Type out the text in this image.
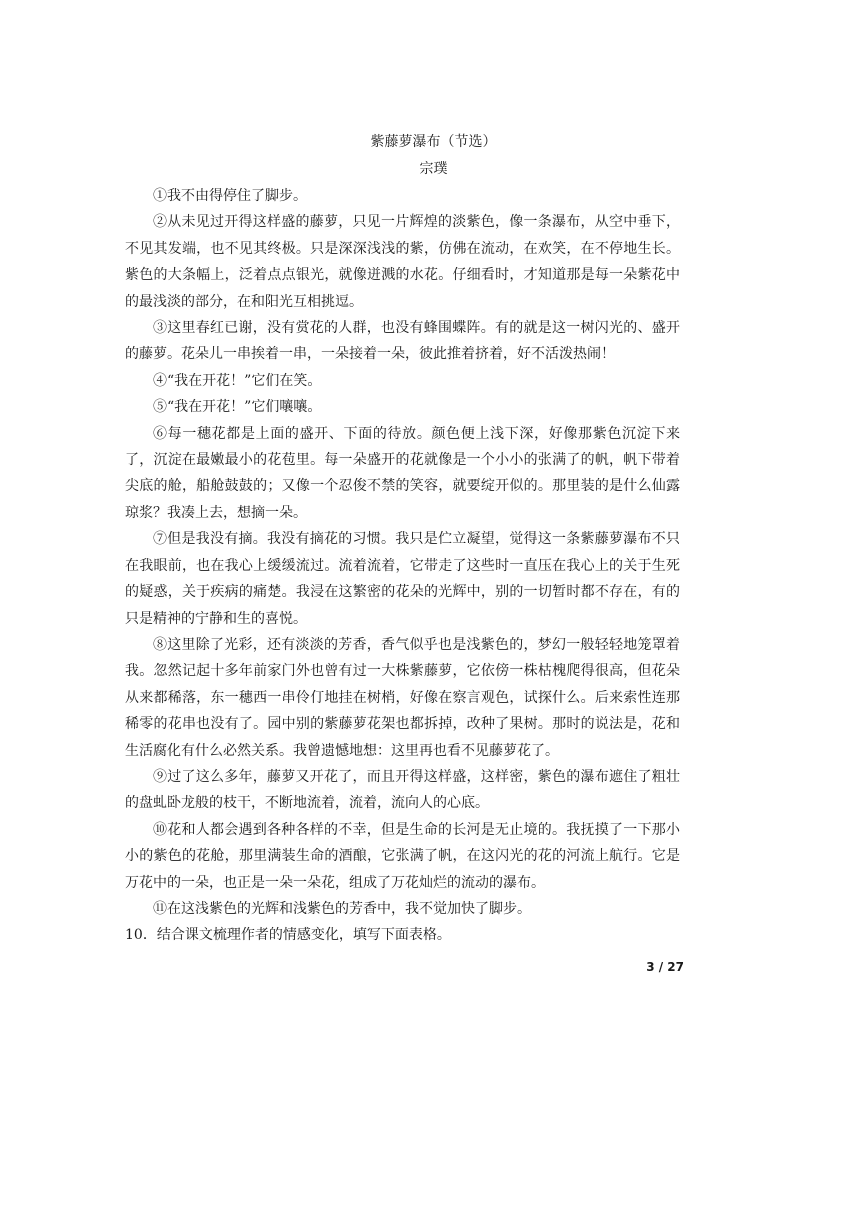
紫藤萝瀑布（节选）
宗璞

①我不由得停住了脚步。

②从未见过开得这样盛的藤萝，只见一片辉煌的淡紫色，像一条瀑布，从空中垂下，不见其发端，也不见其终极。只是深深浅浅的紫，仿佛在流动，在欢笑，在不停地生长。紫色的大条幅上，泛着点点银光，就像迸溅的水花。仔细看时，才知道那是每一朵紫花中的最浅淡的部分，在和阳光互相挑逗。

③这里春红已谢，没有赏花的人群，也没有蜂围蝶阵。有的就是这一树闪光的、盛开的藤萝。花朵儿一串挨着一串，一朵接着一朵，彼此推着挤着，好不活泼热闹！

④“我在开花！”它们在笑。

⑤“我在开花！”它们嚷嚷。

⑥每一穗花都是上面的盛开、下面的待放。颜色便上浅下深，好像那紫色沉淀下来了，沉淀在最嫩最小的花苞里。每一朵盛开的花就像是一个小小的张满了的帆，帆下带着尖底的舱，船舱鼓鼓的；又像一个忍俊不禁的笑容，就要绽开似的。那里装的是什么仙露琼浆？我凑上去，想摘一朵。

⑦但是我没有摘。我没有摘花的习惯。我只是伫立凝望，觉得这一条紫藤萝瀑布不只在我眼前，也在我心上缓缓流过。流着流着，它带走了这些时一直压在我心上的关于生死的疑惑，关于疾病的痛楚。我浸在这繁密的花朵的光辉中，别的一切暂时都不存在，有的只是精神的宁静和生的喜悦。

⑧这里除了光彩，还有淡淡的芳香，香气似乎也是浅紫色的，梦幻一般轻轻地笼罩着我。忽然记起十多年前家门外也曾有过一大株紫藤萝，它依傍一株枯槐爬得很高，但花朵从来都稀落，东一穗西一串伶仃地挂在树梢，好像在察言观色，试探什么。后来索性连那稀零的花串也没有了。园中别的紫藤萝花架也都拆掉，改种了果树。那时的说法是，花和生活腐化有什么必然关系。我曾遗憾地想：这里再也看不见藤萝花了。

⑨过了这么多年，藤萝又开花了，而且开得这样盛，这样密，紫色的瀑布遮住了粗壮的盘虬卧龙般的枝干，不断地流着，流着，流向人的心底。

⑩花和人都会遇到各种各样的不幸，但是生命的长河是无止境的。我抚摸了一下那小小的紫色的花舱，那里满装生命的酒酿，它张满了帆，在这闪光的花的河流上航行。它是万花中的一朵，也正是一朵一朵花，组成了万花灿烂的流动的瀑布。

⑪在这浅紫色的光辉和浅紫色的芳香中，我不觉加快了脚步。

10．结合课文梳理作者的情感变化，填写下面表格。

3 / 27
